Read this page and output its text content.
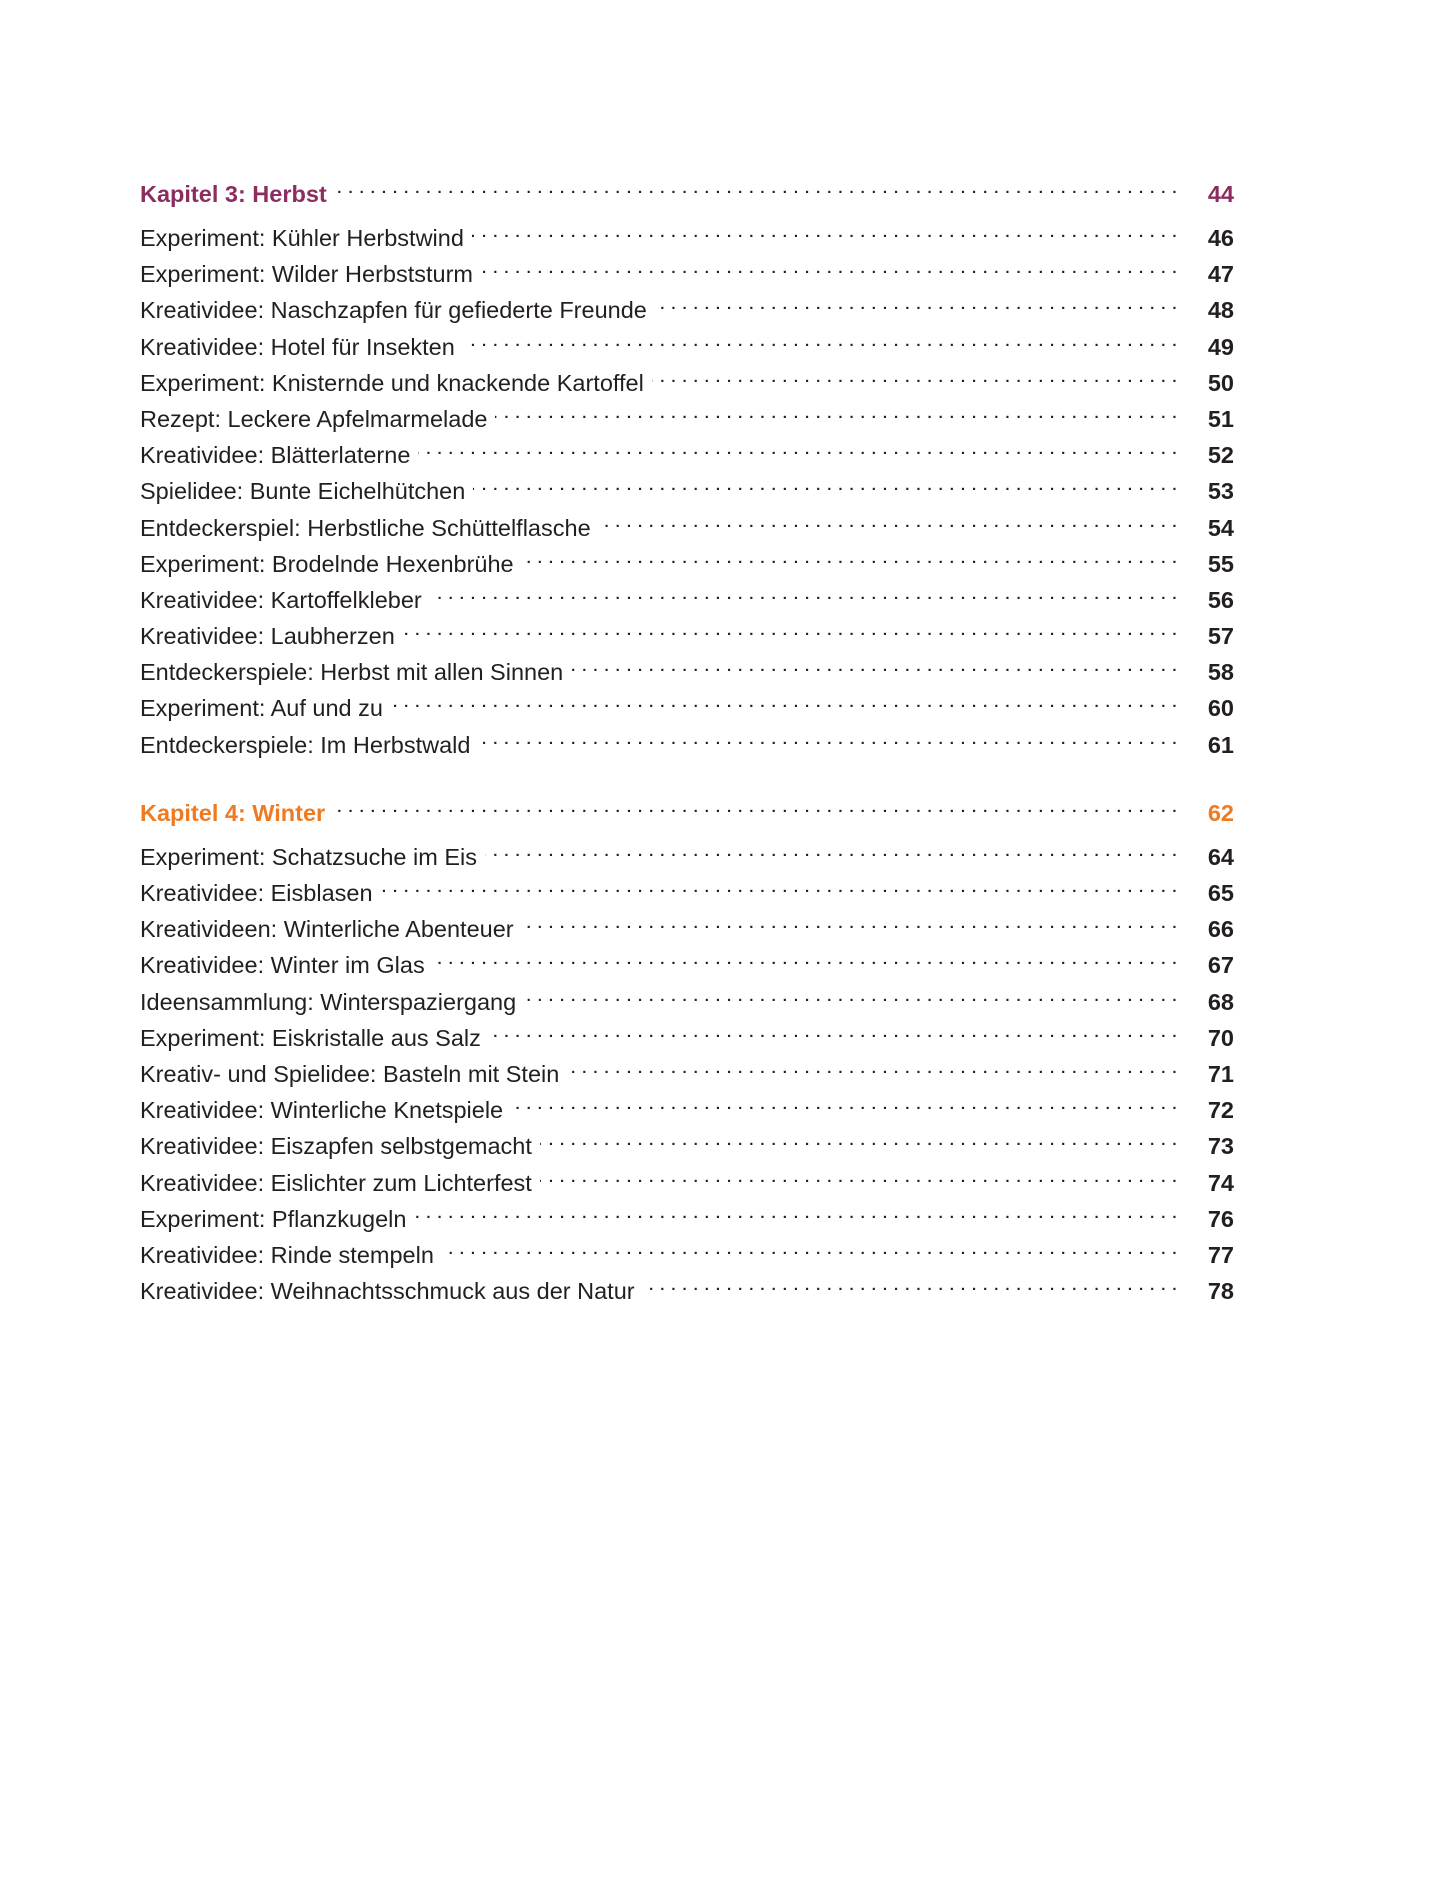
Kapitel 3: Herbst . . .	44
Experiment: Kühler Herbstwind . . .	46
Experiment: Wilder Herbststurm . . .	47
Kreatividee: Naschzapfen für gefiederte Freunde . . .	48
Kreatividee: Hotel für Insekten . . .	49
Experiment: Knisternde und knackende Kartoffel . . .	50
Rezept: Leckere Apfelmarmelade . . .	51
Kreatividee: Blätterlaterne . . .	52
Spielidee: Bunte Eichelhütchen . . .	53
Entdeckerspiel: Herbstliche Schüttelflasche . . .	54
Experiment: Brodelnde Hexenbrühe . . .	55
Kreatividee: Kartoffelkleber . . .	56
Kreatividee: Laubherzen . . .	57
Entdeckerspiele: Herbst mit allen Sinnen . . .	58
Experiment: Auf und zu . . .	60
Entdeckerspiele: Im Herbstwald . . .	61
Kapitel 4: Winter . . .	62
Experiment: Schatzsuche im Eis . . .	64
Kreatividee: Eisblasen . . .	65
Kreativideen: Winterliche Abenteuer . . .	66
Kreatividee: Winter im Glas . . .	67
Ideensammlung: Winterspaziergang . . .	68
Experiment: Eiskristalle aus Salz . . .	70
Kreativ- und Spielidee: Basteln mit Stein . . .	71
Kreatividee: Winterliche Knetspiele . . .	72
Kreatividee: Eiszapfen selbstgemacht . . .	73
Kreatividee: Eislichter zum Lichterfest . . .	74
Experiment: Pflanzkugeln . . .	76
Kreatividee: Rinde stempeln . . .	77
Kreatividee: Weihnachtsschmuck aus der Natur . . .	78
